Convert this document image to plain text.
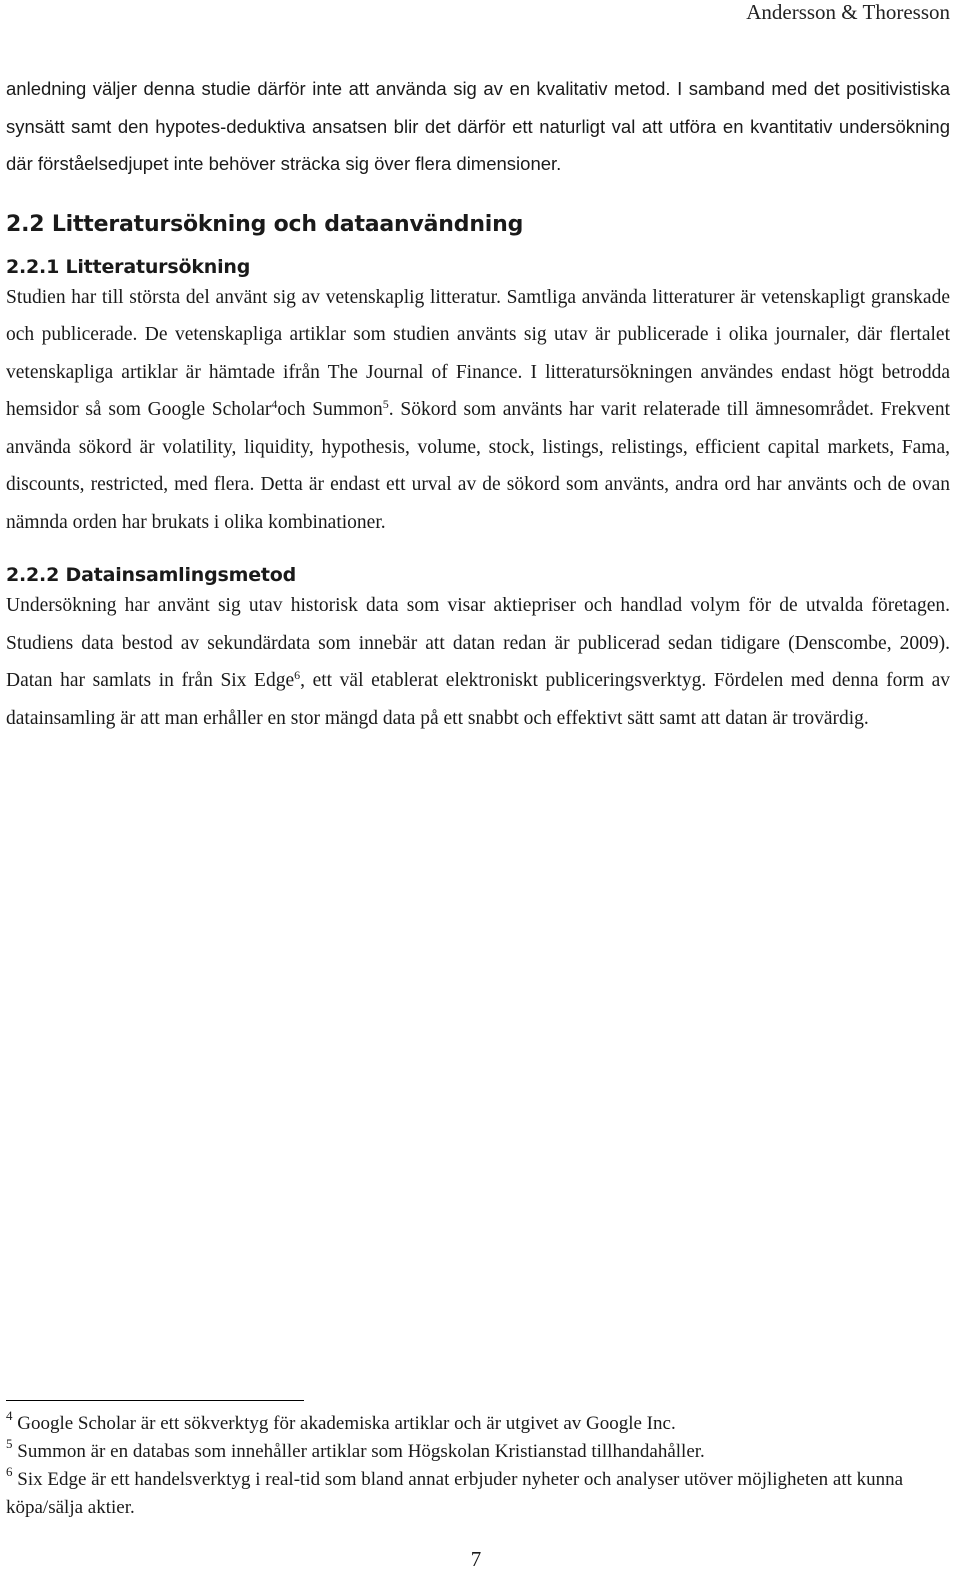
Andersson & Thoresson

anledning väljer denna studie därför inte att använda sig av en kvalitativ metod. I samband med det positivistiska synsätt samt den hypotes-deduktiva ansatsen blir det därför ett naturligt val att utföra en kvantitativ undersökning där förståelsedjupet inte behöver sträcka sig över flera dimensioner.

2.2 Litteratursökning och dataanvändning
2.2.1 Litteratursökning

Studien har till största del använt sig av vetenskaplig litteratur. Samtliga använda litteraturer är vetenskapligt granskade och publicerade. De vetenskapliga artiklar som studien använts sig utav är publicerade i olika journaler, där flertalet vetenskapliga artiklar är hämtade ifrån The Journal of Finance. I litteratursökningen användes endast högt betrodda hemsidor så som Google Scholar$^4$och Summon$^5$. Sökord som använts har varit relaterade till ämnesområdet. Frekvent använda sökord är volatility, liquidity, hypothesis, volume, stock, listings, relistings, efficient capital markets, Fama, discounts, restricted, med flera. Detta är endast ett urval av de sökord som använts, andra ord har använts och de ovan nämnda orden har brukats i olika kombinationer.

2.2.2 Datainsamlingsmetod

Undersökning har använt sig utav historisk data som visar aktiepriser och handlad volym för de utvalda företagen. Studiens data bestod av sekundärdata som innebär att datan redan är publicerad sedan tidigare (Denscombe, 2009). Datan har samlats in från Six Edge$^6$, ett väl etablerat elektroniskt publiceringsverktyg. Fördelen med denna form av datainsamling är att man erhåller en stor mängd data på ett snabbt och effektivt sätt samt att datan är trovärdig.

$^4$ Google Scholar är ett sökverktyg för akademiska artiklar och är utgivet av Google Inc.

$^5$ Summon är en databas som innehåller artiklar som Högskolan Kristianstad tillhandahåller.

$^6$ Six Edge är ett handelsverktyg i real-tid som bland annat erbjuder nyheter och analyser utöver möjligheten att kunna köpa/sälja aktier.

7
